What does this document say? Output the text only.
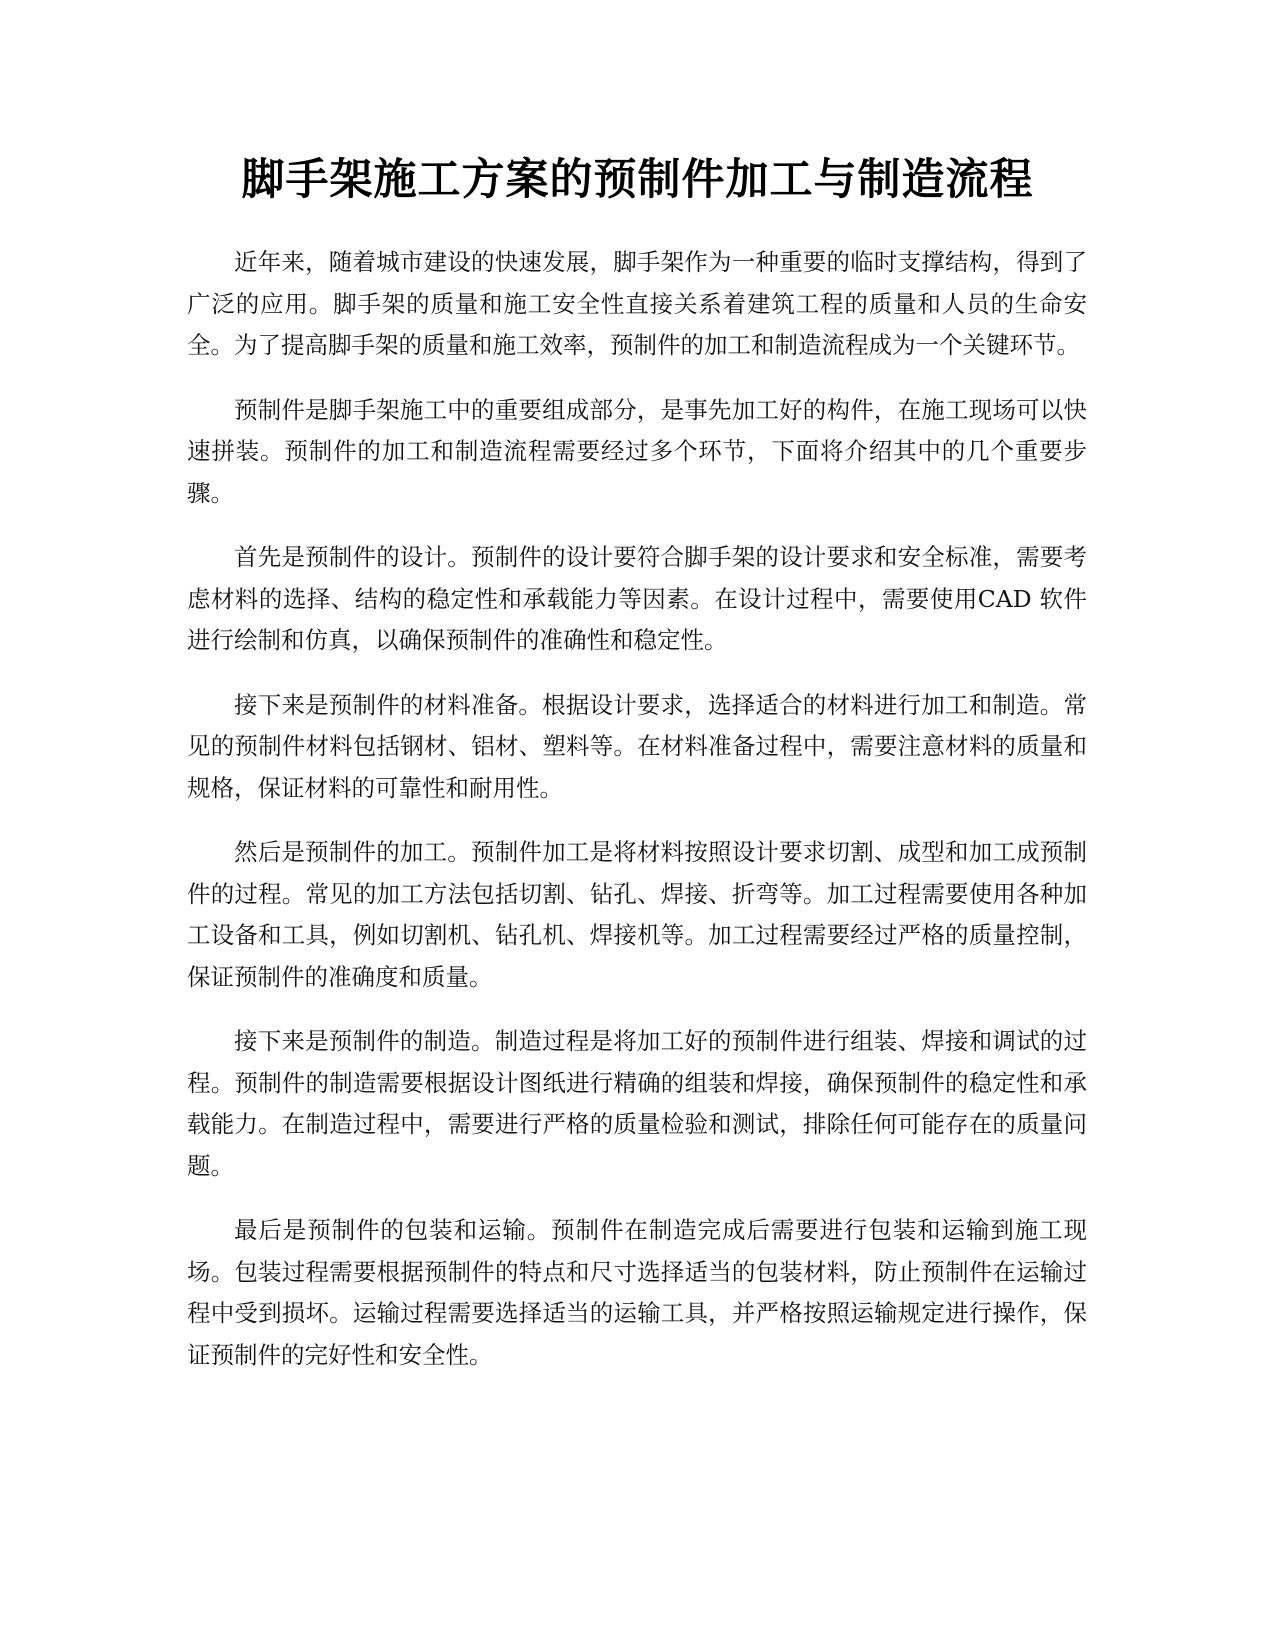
脚手架施工方案的预制件加工与制造流程

近年来，随着城市建设的快速发展，脚手架作为一种重要的临时支撑结构，得到了广泛的应用。脚手架的质量和施工安全性直接关系着建筑工程的质量和人员的生命安全。为了提高脚手架的质量和施工效率，预制件的加工和制造流程成为一个关键环节。

预制件是脚手架施工中的重要组成部分，是事先加工好的构件，在施工现场可以快速拼装。预制件的加工和制造流程需要经过多个环节，下面将介绍其中的几个重要步骤。

首先是预制件的设计。预制件的设计要符合脚手架的设计要求和安全标准，需要考虑材料的选择、结构的稳定性和承载能力等因素。在设计过程中，需要使用CAD 软件进行绘制和仿真，以确保预制件的准确性和稳定性。

接下来是预制件的材料准备。根据设计要求，选择适合的材料进行加工和制造。常见的预制件材料包括钢材、铝材、塑料等。在材料准备过程中，需要注意材料的质量和规格，保证材料的可靠性和耐用性。

然后是预制件的加工。预制件加工是将材料按照设计要求切割、成型和加工成预制件的过程。常见的加工方法包括切割、钻孔、焊接、折弯等。加工过程需要使用各种加工设备和工具，例如切割机、钻孔机、焊接机等。加工过程需要经过严格的质量控制，保证预制件的准确度和质量。

接下来是预制件的制造。制造过程是将加工好的预制件进行组装、焊接和调试的过程。预制件的制造需要根据设计图纸进行精确的组装和焊接，确保预制件的稳定性和承载能力。在制造过程中，需要进行严格的质量检验和测试，排除任何可能存在的质量问题。

最后是预制件的包装和运输。预制件在制造完成后需要进行包装和运输到施工现场。包装过程需要根据预制件的特点和尺寸选择适当的包装材料，防止预制件在运输过程中受到损坏。运输过程需要选择适当的运输工具，并严格按照运输规定进行操作，保证预制件的完好性和安全性。
